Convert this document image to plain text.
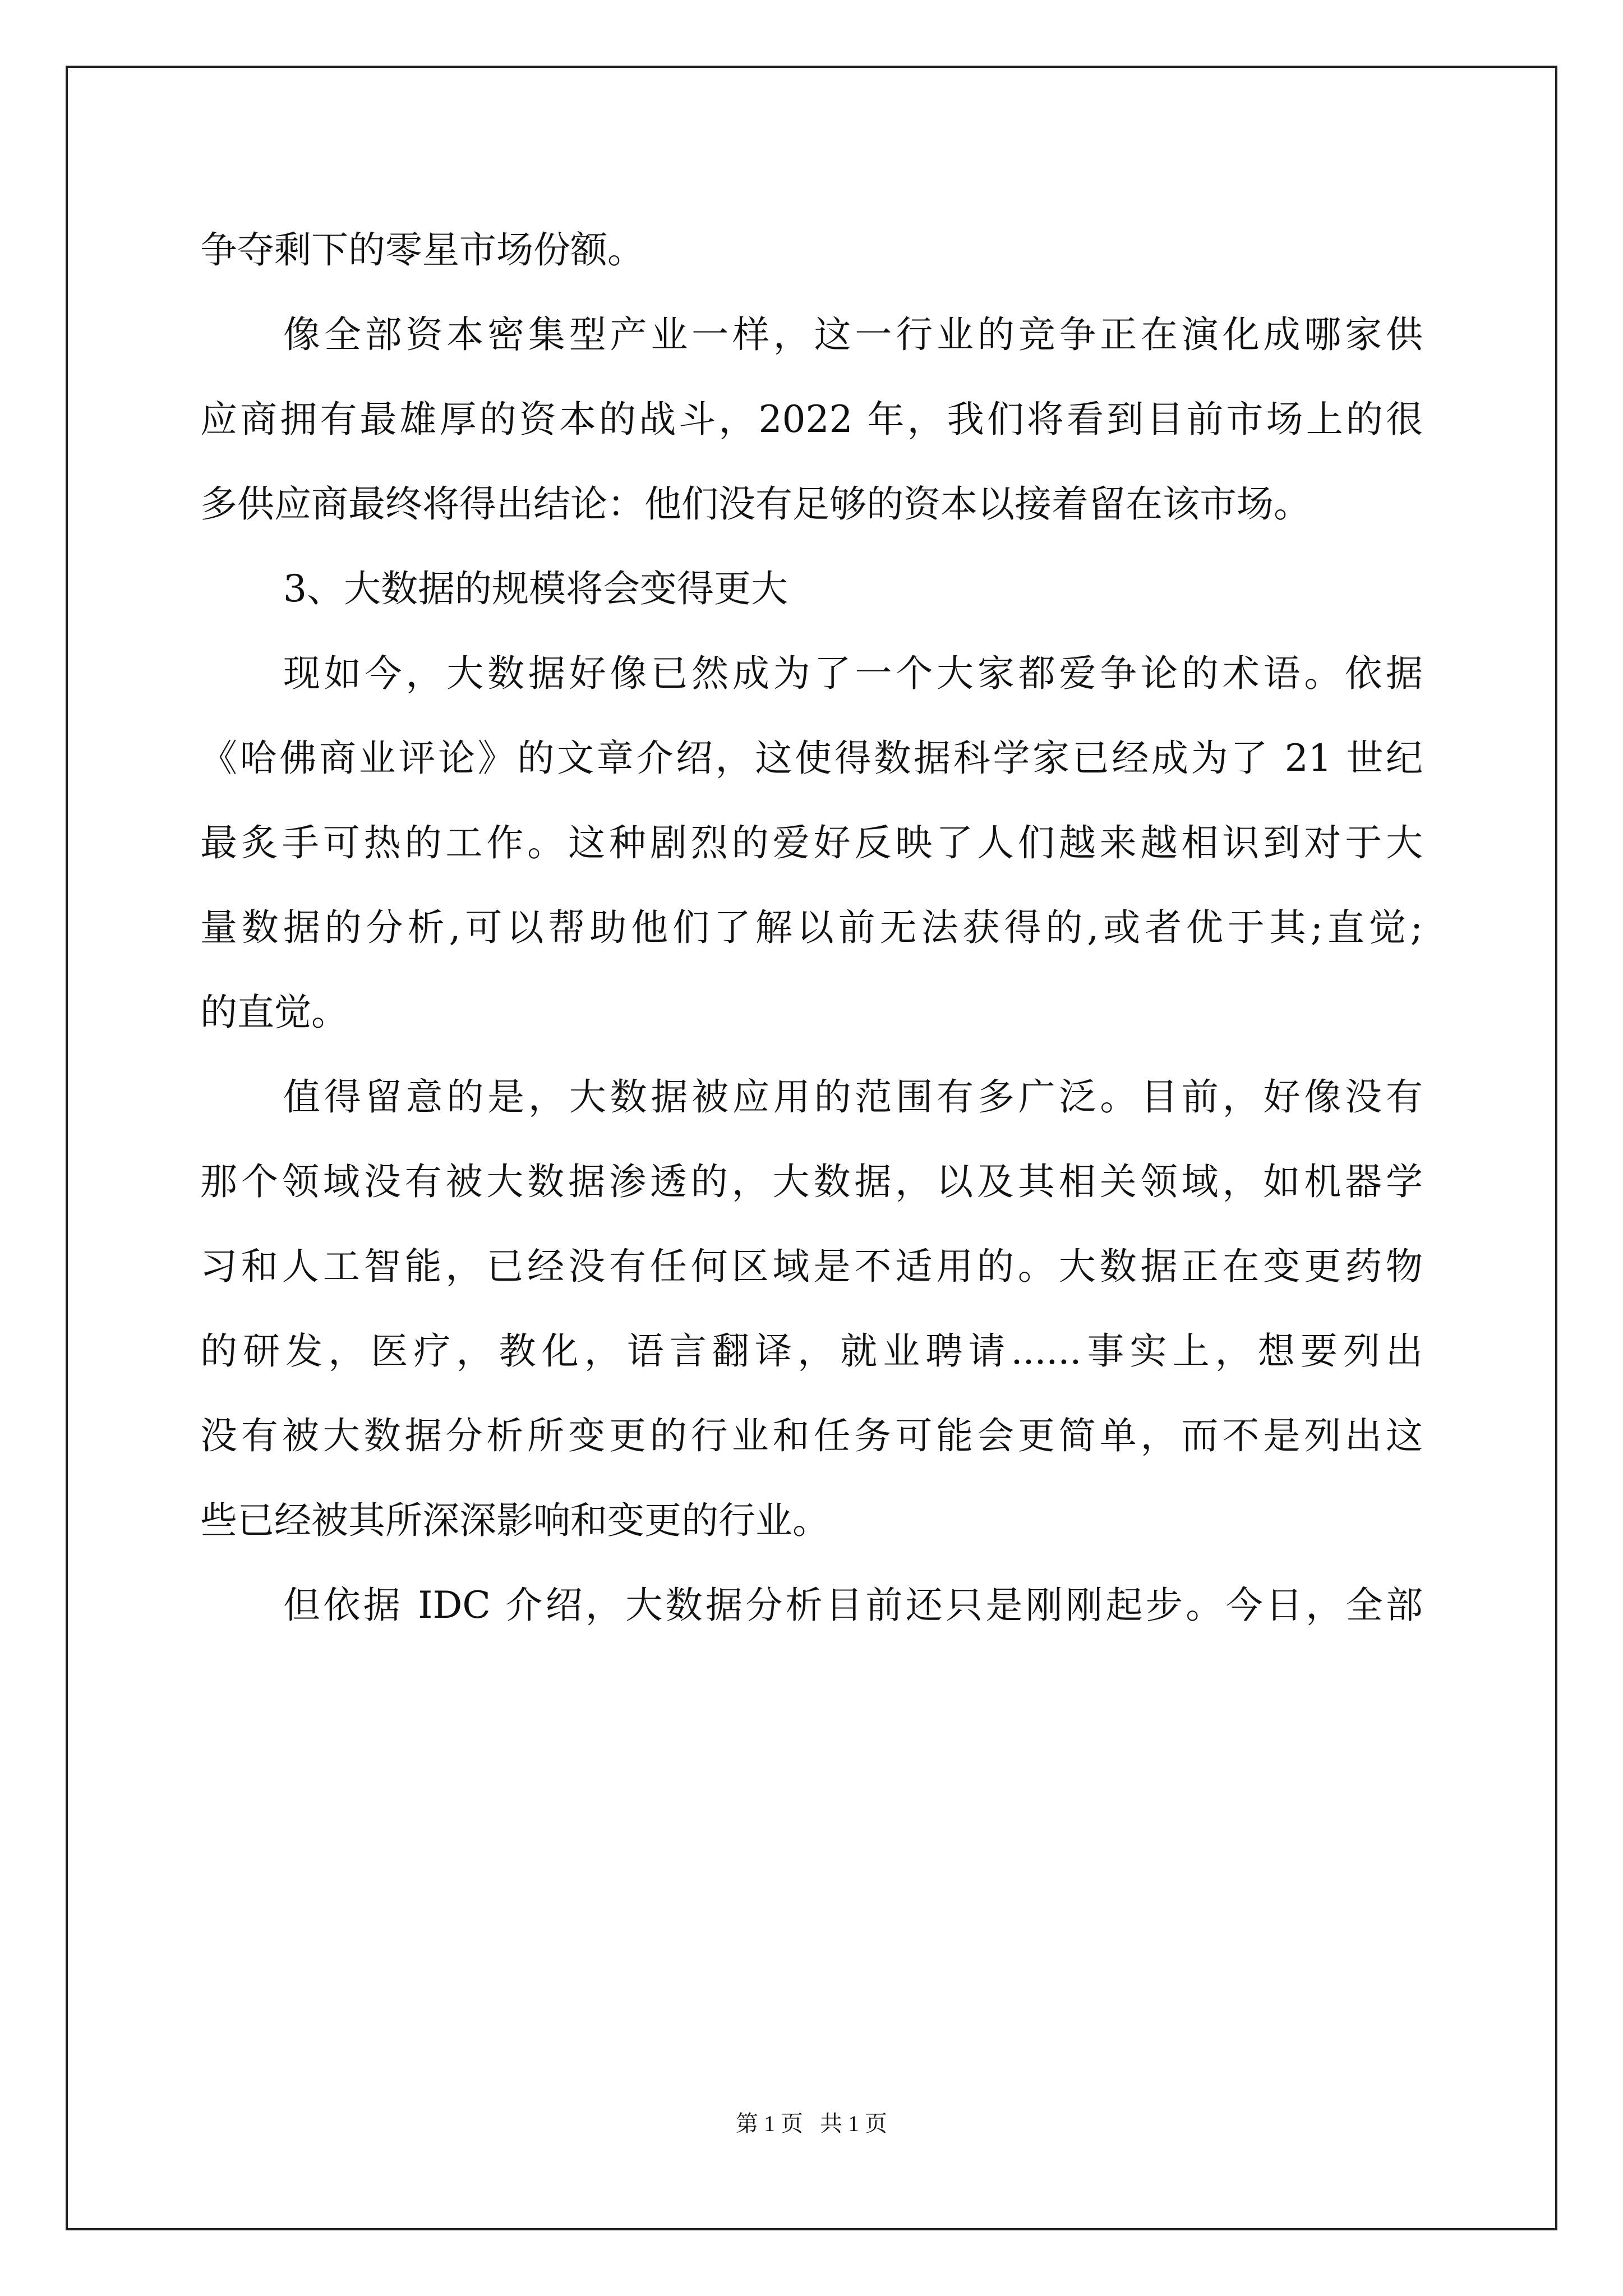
争夺剩下的零星市场份额。
像全部资本密集型产业一样，这一行业的竞争正在演化成哪家供
应商拥有最雄厚的资本的战斗，2022 年，我们将看到目前市场上的很
多供应商最终将得出结论：他们没有足够的资本以接着留在该市场。
3、大数据的规模将会变得更大
现如今，大数据好像已然成为了一个大家都爱争论的术语。依据
《哈佛商业评论》的文章介绍，这使得数据科学家已经成为了 21 世纪
最炙手可热的工作。这种剧烈的爱好反映了人们越来越相识到对于大
量数据的分析,可以帮助他们了解以前无法获得的,或者优于其;直觉;
的直觉。
值得留意的是，大数据被应用的范围有多广泛。目前，好像没有
那个领域没有被大数据渗透的，大数据，以及其相关领域，如机器学
习和人工智能，已经没有任何区域是不适用的。大数据正在变更药物
的研发，医疗，教化，语言翻译，就业聘请......事实上，想要列出
没有被大数据分析所变更的行业和任务可能会更简单，而不是列出这
些已经被其所深深影响和变更的行业。
但依据 IDC 介绍，大数据分析目前还只是刚刚起步。今日，全部
第 1 页   共 1 页
